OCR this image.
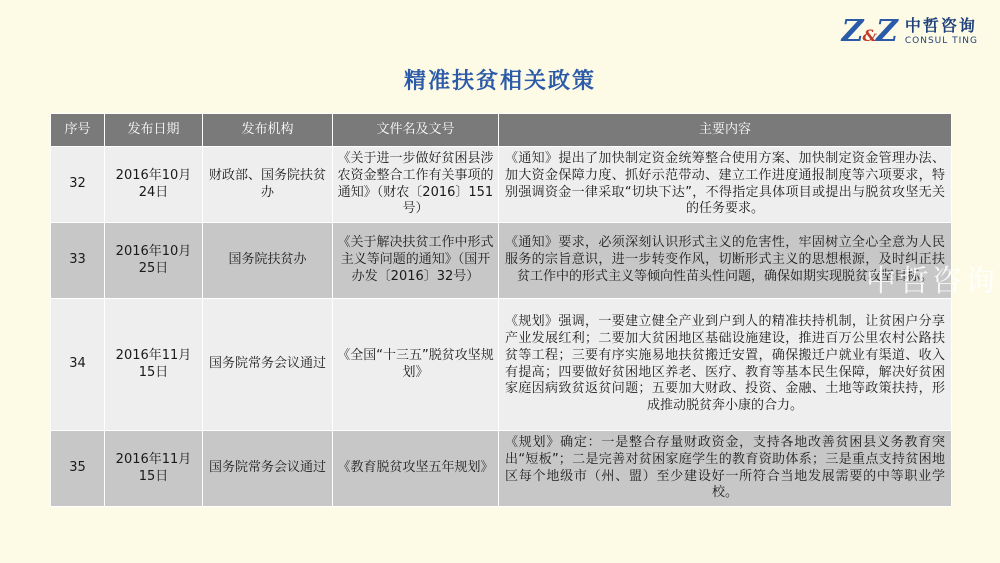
Z&Z 中哲咨询
CONSUL TING
精准扶贫相关政策
序号	发布日期	发布机构	文件名及文号	主要内容
32	2016年10月24日	财政部、国务院扶贫办	《关于进一步做好贫困县涉农资金整合工作有关事项的通知》（财农〔2016〕151号）	《通知》提出了加快制定资金统筹整合使用方案、加快制定资金管理办法、加大资金保障力度、抓好示范带动、建立工作进度通报制度等六项要求，特别强调资金一律采取“切块下达”，不得指定具体项目或提出与脱贫攻坚无关的任务要求。
33	2016年10月25日	国务院扶贫办	《关于解决扶贫工作中形式主义等问题的通知》（国开办发〔2016〕32号）	《通知》要求，必须深刻认识形式主义的危害性，牢固树立全心全意为人民服务的宗旨意识，进一步转变作风，切断形式主义的思想根源，及时纠正扶贫工作中的形式主义等倾向性苗头性问题，确保如期实现脱贫攻坚目标。
34	2016年11月15日	国务院常务会议通过	《全国“十三五”脱贫攻坚规划》	《规划》强调，一要建立健全产业到户到人的精准扶持机制，让贫困户分享产业发展红利；二要加大贫困地区基础设施建设，推进百万公里农村公路扶贫等工程；三要有序实施易地扶贫搬迁安置，确保搬迁户就业有渠道、收入有提高；四要做好贫困地区养老、医疗、教育等基本民生保障，解决好贫困家庭因病致贫返贫问题；五要加大财政、投资、金融、土地等政策扶持，形成推动脱贫奔小康的合力。
35	2016年11月15日	国务院常务会议通过	《教育脱贫攻坚五年规划》	《规划》确定：一是整合存量财政资金，支持各地改善贫困县义务教育突出“短板”；二是完善对贫困家庭学生的教育资助体系；三是重点支持贫困地区每个地级市（州、盟）至少建设好一所符合当地发展需要的中等职业学校。
中哲咨询
